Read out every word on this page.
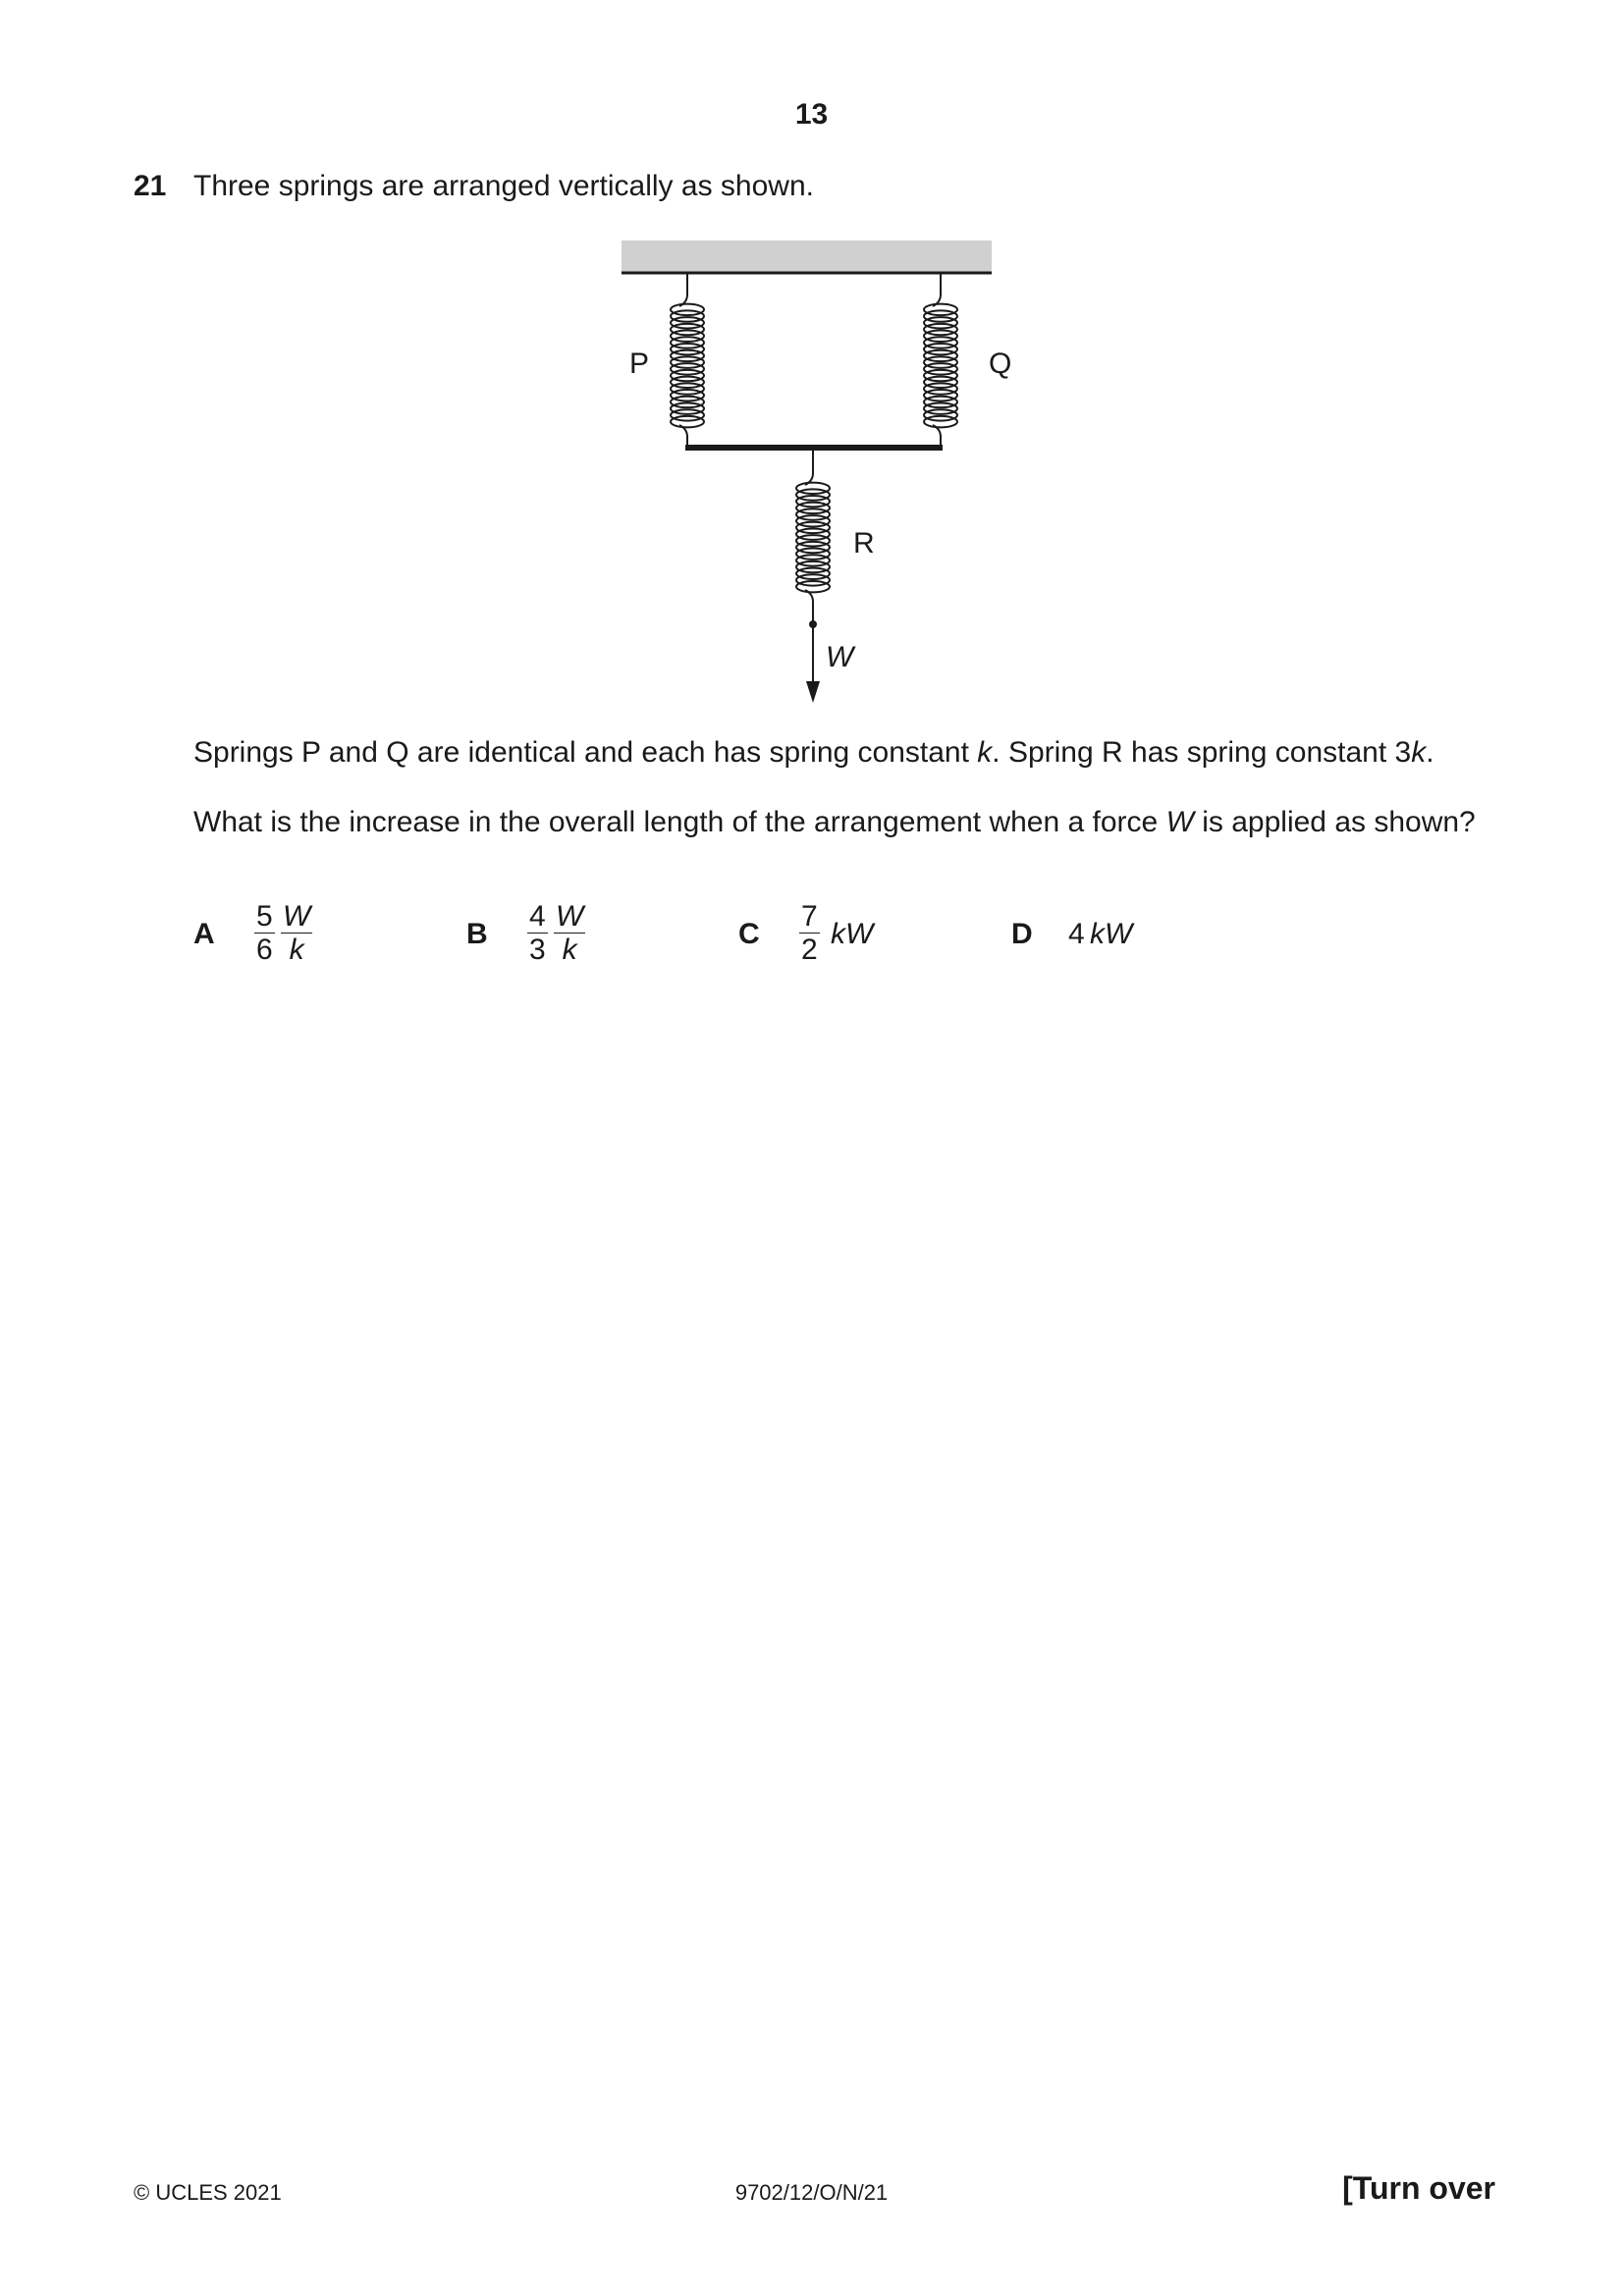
13
21 Three springs are arranged vertically as shown.
P	Q
R
W
Springs P and Q are identical and each has spring constant k. Spring R has spring constant 3k.
What is the increase in the overall length of the arrangement when a force W is applied as shown?
A $\frac{5}{6} \frac{W}{k}$	B $\frac{4}{3} \frac{W}{k}$	C $\frac{7}{2}$ kW	D 4 kW
© UCLES 2021	9702/12/O/N/21	[Turn over
